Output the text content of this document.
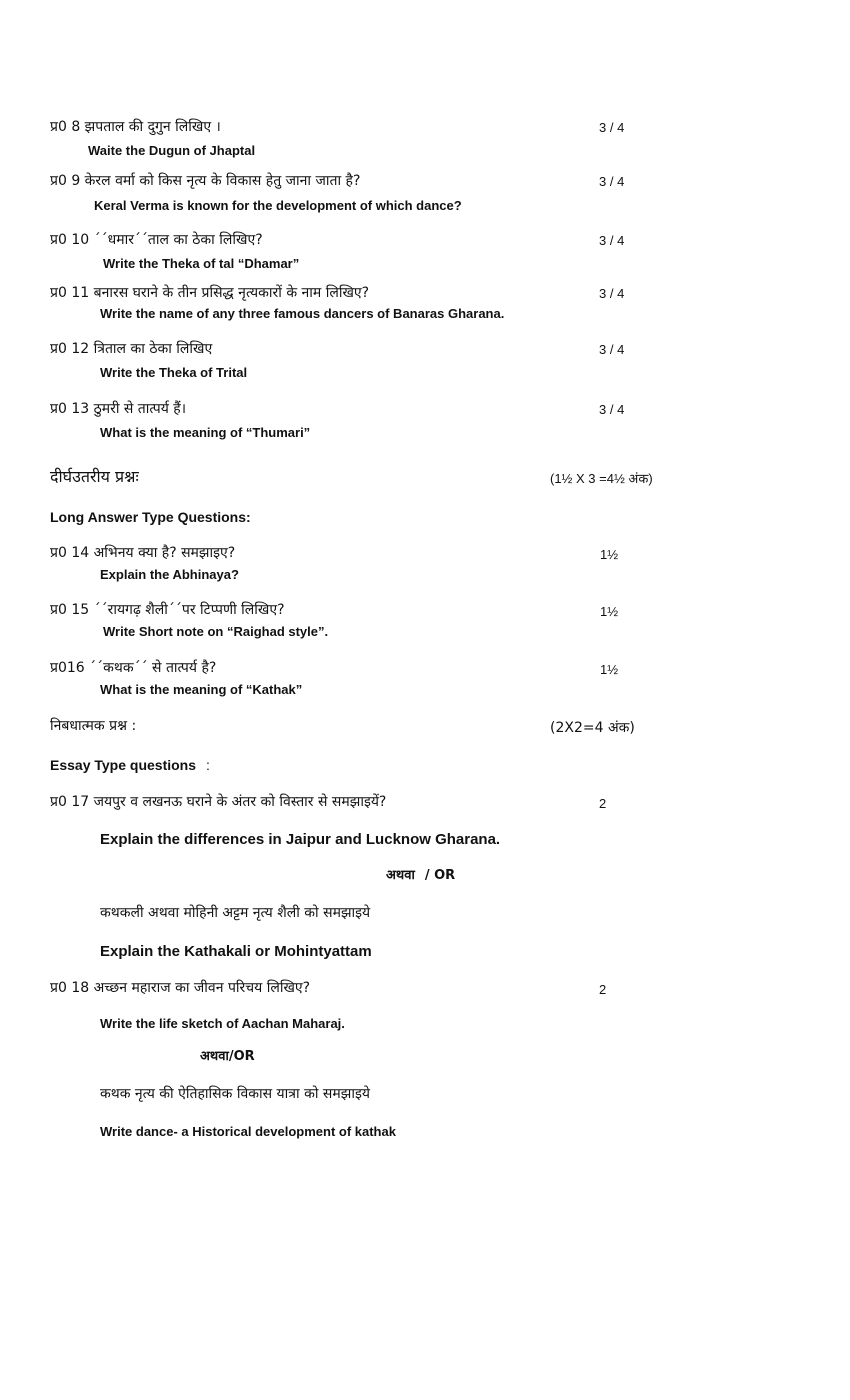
प्र0 8 झपताल की दुगुन लिखिए ।	3 / 4
Waite the Dugun of Jhaptal
प्र0 9 केरल वर्मा को किस नृत्य के विकास हेतु जाना जाता है?	3 / 4
Keral Verma is known for the development of which dance?
प्र0 10 ´´धमार´´ताल का ठेका लिखिए?	3 / 4
Write the Theka of tal “Dhamar”
प्र0 11 बनारस घराने के तीन प्रसिद्ध नृत्यकारों के नाम लिखिए?	3 / 4
Write the name of any three famous dancers of Banaras Gharana.
प्र0 12 त्रिताल का ठेका लिखिए	3 / 4
Write the Theka of Trital
प्र0 13 ठुमरी से तात्पर्य हैं।	3 / 4
What is the meaning of “Thumari”
दीर्घउतरीय प्रश्नः	(1½ X 3 =4½ अंक)
Long Answer Type Questions:
प्र0 14 अभिनय क्या है? समझाइए?	1½
Explain the Abhinaya?
प्र0 15 ´´रायगढ़ शैली´´पर टिप्पणी लिखिए?	1½
Write Short note on “Raighad style”.
प्र016 ´´कथक´´ से तात्पर्य है?	1½
What is the meaning of “Kathak”
निबधात्मक प्रश्न :	(2X2=4 अंक)
Essay Type questions :
प्र0 17 जयपुर व लखनऊ घराने के अंतर को विस्तार से समझाइयें?	2
Explain the differences in Jaipur and Lucknow Gharana.
अथवा / OR
कथकली अथवा मोहिनी अट्टम नृत्य शैली को समझाइये
Explain the Kathakali or Mohintyattam
प्र0 18 अच्छन महाराज का जीवन परिचय लिखिए?	2
Write the life sketch of Aachan Maharaj.
अथवा/OR
कथक नृत्य की ऐतिहासिक विकास यात्रा को समझाइये
Write dance- a Historical development of kathak
